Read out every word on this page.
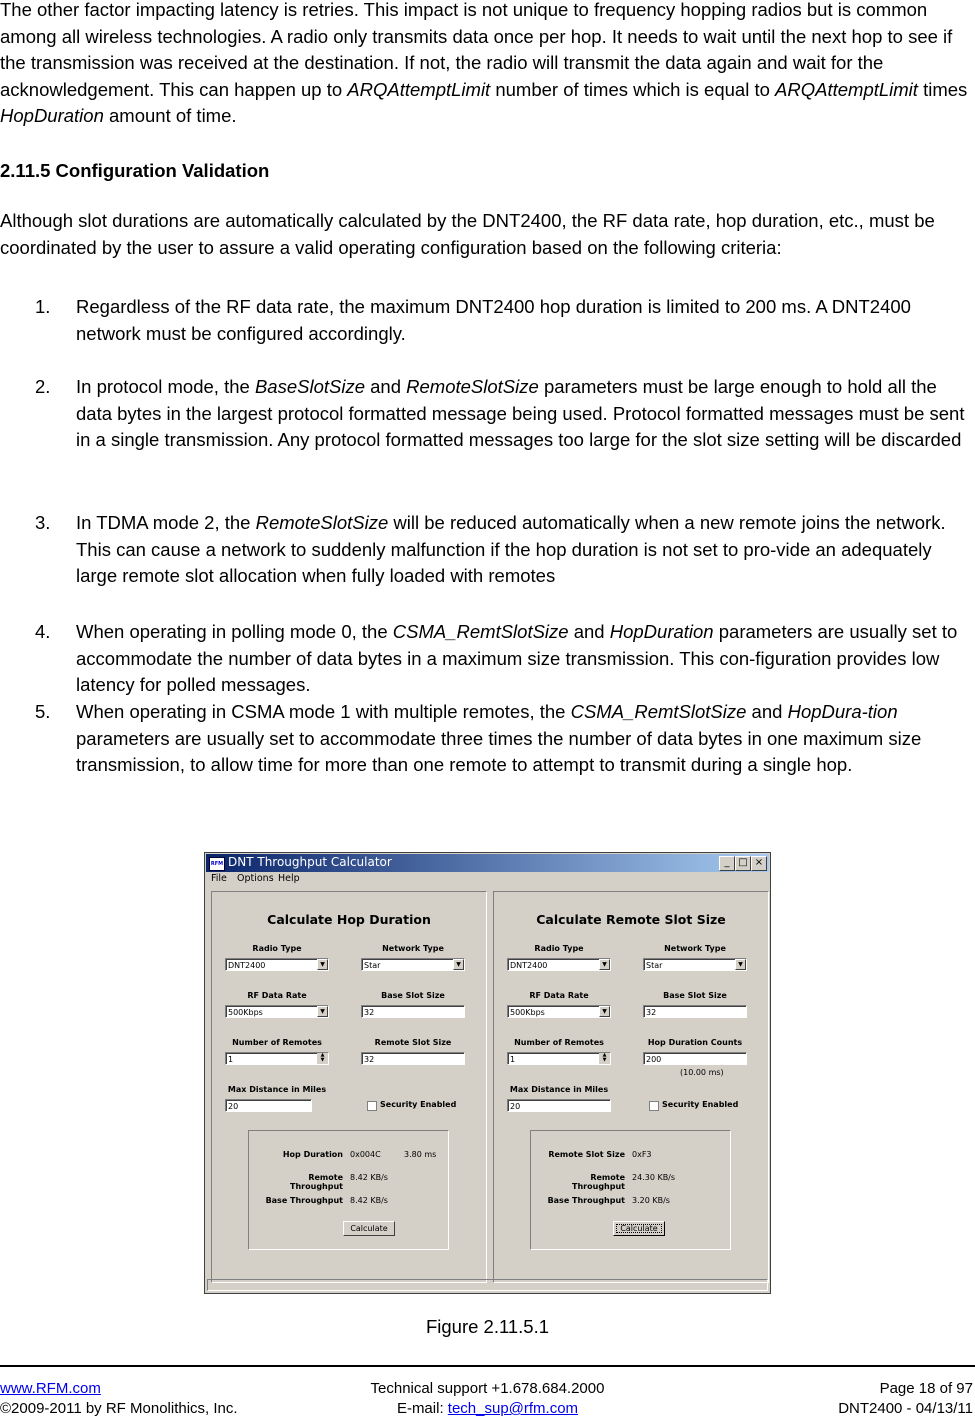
The other factor impacting latency is retries. This impact is not unique to frequency hopping radios but is common among all wireless technologies. A radio only transmits data once per hop. It needs to wait until the next hop to see if the transmission was received at the destination. If not, the radio will transmit the data again and wait for the acknowledgement. This can happen up to ARQAttemptLimit number of times which is equal to ARQAttemptLimit times HopDuration amount of time.
2.11.5 Configuration Validation
Although slot durations are automatically calculated by the DNT2400, the RF data rate, hop duration, etc., must be coordinated by the user to assure a valid operating configuration based on the following criteria:
1. Regardless of the RF data rate, the maximum DNT2400 hop duration is limited to 200 ms. A DNT2400 network must be configured accordingly.
2. In protocol mode, the BaseSlotSize and RemoteSlotSize parameters must be large enough to hold all the data bytes in the largest protocol formatted message being used. Protocol formatted messages must be sent in a single transmission. Any protocol formatted messages too large for the slot size setting will be discarded
3. In TDMA mode 2, the RemoteSlotSize will be reduced automatically when a new remote joins the network. This can cause a network to suddenly malfunction if the hop duration is not set to pro-vide an adequately large remote slot allocation when fully loaded with remotes
4. When operating in polling mode 0, the CSMA_RemtSlotSize and HopDuration parameters are usually set to accommodate the number of data bytes in a maximum size transmission. This con-figuration provides low latency for polled messages.
5. When operating in CSMA mode 1 with multiple remotes, the CSMA_RemtSlotSize and HopDura-tion parameters are usually set to accommodate three times the number of data bytes in one maximum size transmission, to allow time for more than one remote to attempt to transmit during a single hop.
RFM DNT Throughput Calculator	_ □ ×
File Options Help
Calculate Hop Duration
Radio Type
DNT2400	▼
Network Type
Star	▼
RF Data Rate
500Kbps	▼
Base Slot Size
32
Number of Remotes
1	▲
▼
Remote Slot Size
32
Max Distance in Miles
20	Security Enabled
Hop Duration 0x004C	3.80 ms
Remote Throughput
8.42 KB/s
Base Throughput 8.42 KB/s
Calculate
Calculate Remote Slot Size
Radio Type
DNT2400	▼
Network Type
Star	▼
RF Data Rate
500Kbps	▼
Base Slot Size
32
Number of Remotes
1	▲
▼
Hop Duration Counts
200
(10.00 ms)
Max Distance in Miles
20	Security Enabled
Remote Slot Size 0xF3
Remote Throughput
24.30 KB/s
Base Throughput 3.20 KB/s
Calculate
Figure 2.11.5.1
www.RFM.com
©2009-2011 by RF Monolithics, Inc.
Technical support +1.678.684.2000
E-mail: tech_sup@rfm.com
Page 18 of 97
DNT2400 - 04/13/11
